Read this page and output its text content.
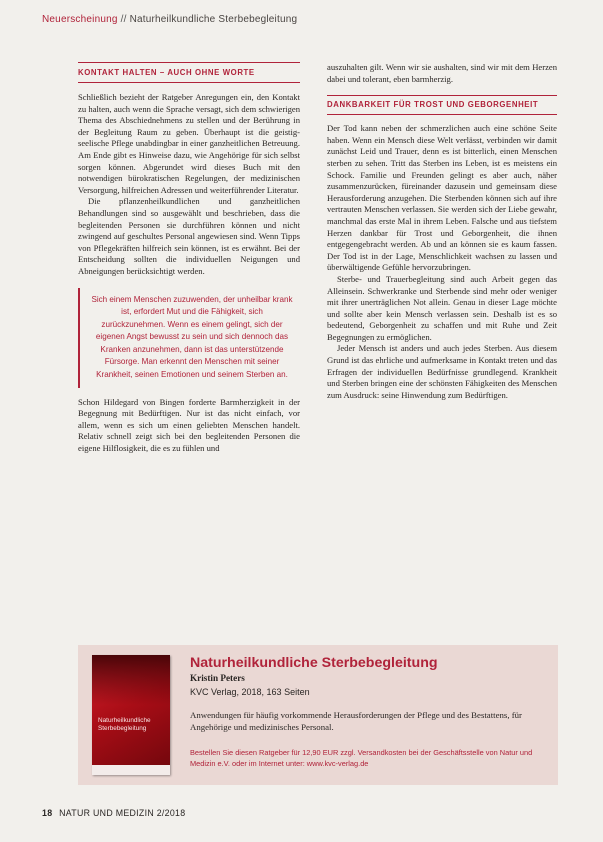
Neuerscheinung // Naturheilkundliche Sterbebegleitung
KONTAKT HALTEN – AUCH OHNE WORTE

Schließlich bezieht der Ratgeber Anregungen ein, den Kontakt zu halten, auch wenn die Sprache versagt, sich dem schwierigen Thema des Abschiednehmens zu stellen und der Berührung in der Begleitung Raum zu geben. Überhaupt ist die geistig-seelische Pflege unabdingbar in einer ganzheitlichen Betreuung. Am Ende gibt es Hinweise dazu, wie Angehörige für sich selbst sorgen können. Abgerundet wird dieses Buch mit den notwendigen bürokratischen Regelungen, der medizinischen Versorgung, hilfreichen Adressen und weiterführender Literatur.

Die pflanzenheilkundlichen und ganzheitlichen Behandlungen sind so ausgewählt und beschrieben, dass die begleitenden Personen sie durchführen können und nicht zwingend auf geschultes Personal angewiesen sind. Wenn Tipps von Pflegekräften hilfreich sein können, ist es erwähnt. Bei der Entscheidung sollten die individuellen Neigungen und Abneigungen berücksichtigt werden.

Sich einem Menschen zuzuwenden, der unheilbar krank ist, erfordert Mut und die Fähigkeit, sich zurückzunehmen. Wenn es einem gelingt, sich der eigenen Angst bewusst zu sein und sich dennoch das Kranken anzunehmen, dann ist das unterstützende Fürsorge. Man erkennt den Menschen mit seiner Krankheit, seinen Emotionen und seinem Sterben an.

Schon Hildegard von Bingen forderte Barmherzigkeit in der Begegnung mit Bedürftigen. Nur ist das nicht einfach, vor allem, wenn es sich um einen geliebten Menschen handelt. Relativ schnell zeigt sich bei den begleitenden Personen die eigene Hilflosigkeit, die es zu fühlen und

auszuhalten gilt. Wenn wir sie aushalten, sind wir mit dem Herzen dabei und tolerant, eben barmherzig.

DANKBARKEIT FÜR TROST UND GEBORGENHEIT

Der Tod kann neben der schmerzlichen auch eine schöne Seite haben. Wenn ein Mensch diese Welt verlässt, verbinden wir damit zunächst Leid und Trauer, denn es ist bitterlich, einen Menschen sterben zu sehen. Tritt das Sterben ins Leben, ist es meistens ein Schock. Familie und Freunden gelingt es aber auch, näher zusammenzurücken, füreinander dazusein und gemeinsam diese Herausforderung anzugehen. Die Sterbenden können sich auf ihre vertrauten Menschen verlassen. Sie werden sich der Liebe gewahr, manchmal das erste Mal in ihrem Leben. Falsche und aus tiefstem Herzen dankbar für Trost und Geborgenheit, die ihnen entgegengebracht werden. Ab und an können sie es kaum fassen. Der Tod ist in der Lage, Menschlichkeit wachsen zu lassen und überwältigende Gefühle hervorzubringen.

Sterbe- und Trauerbegleitung sind auch Arbeit gegen das Alleinsein. Schwerkranke und Sterbende sind mehr oder weniger mit ihrer unerträglichen Not allein. Genau in dieser Lage möchte und sollte aber kein Mensch verlassen sein. Deshalb ist es so bedeutend, Geborgenheit zu schaffen und mit Ruhe und Zeit Begegnungen zu ermöglichen.

Jeder Mensch ist anders und auch jedes Sterben. Aus diesem Grund ist das ehrliche und aufmerksame in Kontakt treten und das Erfragen der individuellen Bedürfnisse grundlegend. Krankheit und Sterben bringen eine der schönsten Fähigkeiten des Menschen zum Ausdruck: seine Hinwendung zum Bedürftigen.

Naturheilkundliche Sterbebegleitung
Naturheilkundliche Sterbebegleitung
Kristin Peters
KVC Verlag, 2018, 163 Seiten
Anwendungen für häufig vorkommende Herausforderungen der Pflege und des Bestattens, für Angehörige und medizinisches Personal.
Bestellen Sie diesen Ratgeber für 12,90 EUR zzgl. Versandkosten bei der Geschäftsstelle von Natur und Medizin e.V. oder im Internet unter: www.kvc-verlag.de
18 NATUR UND MEDIZIN 2/2018
